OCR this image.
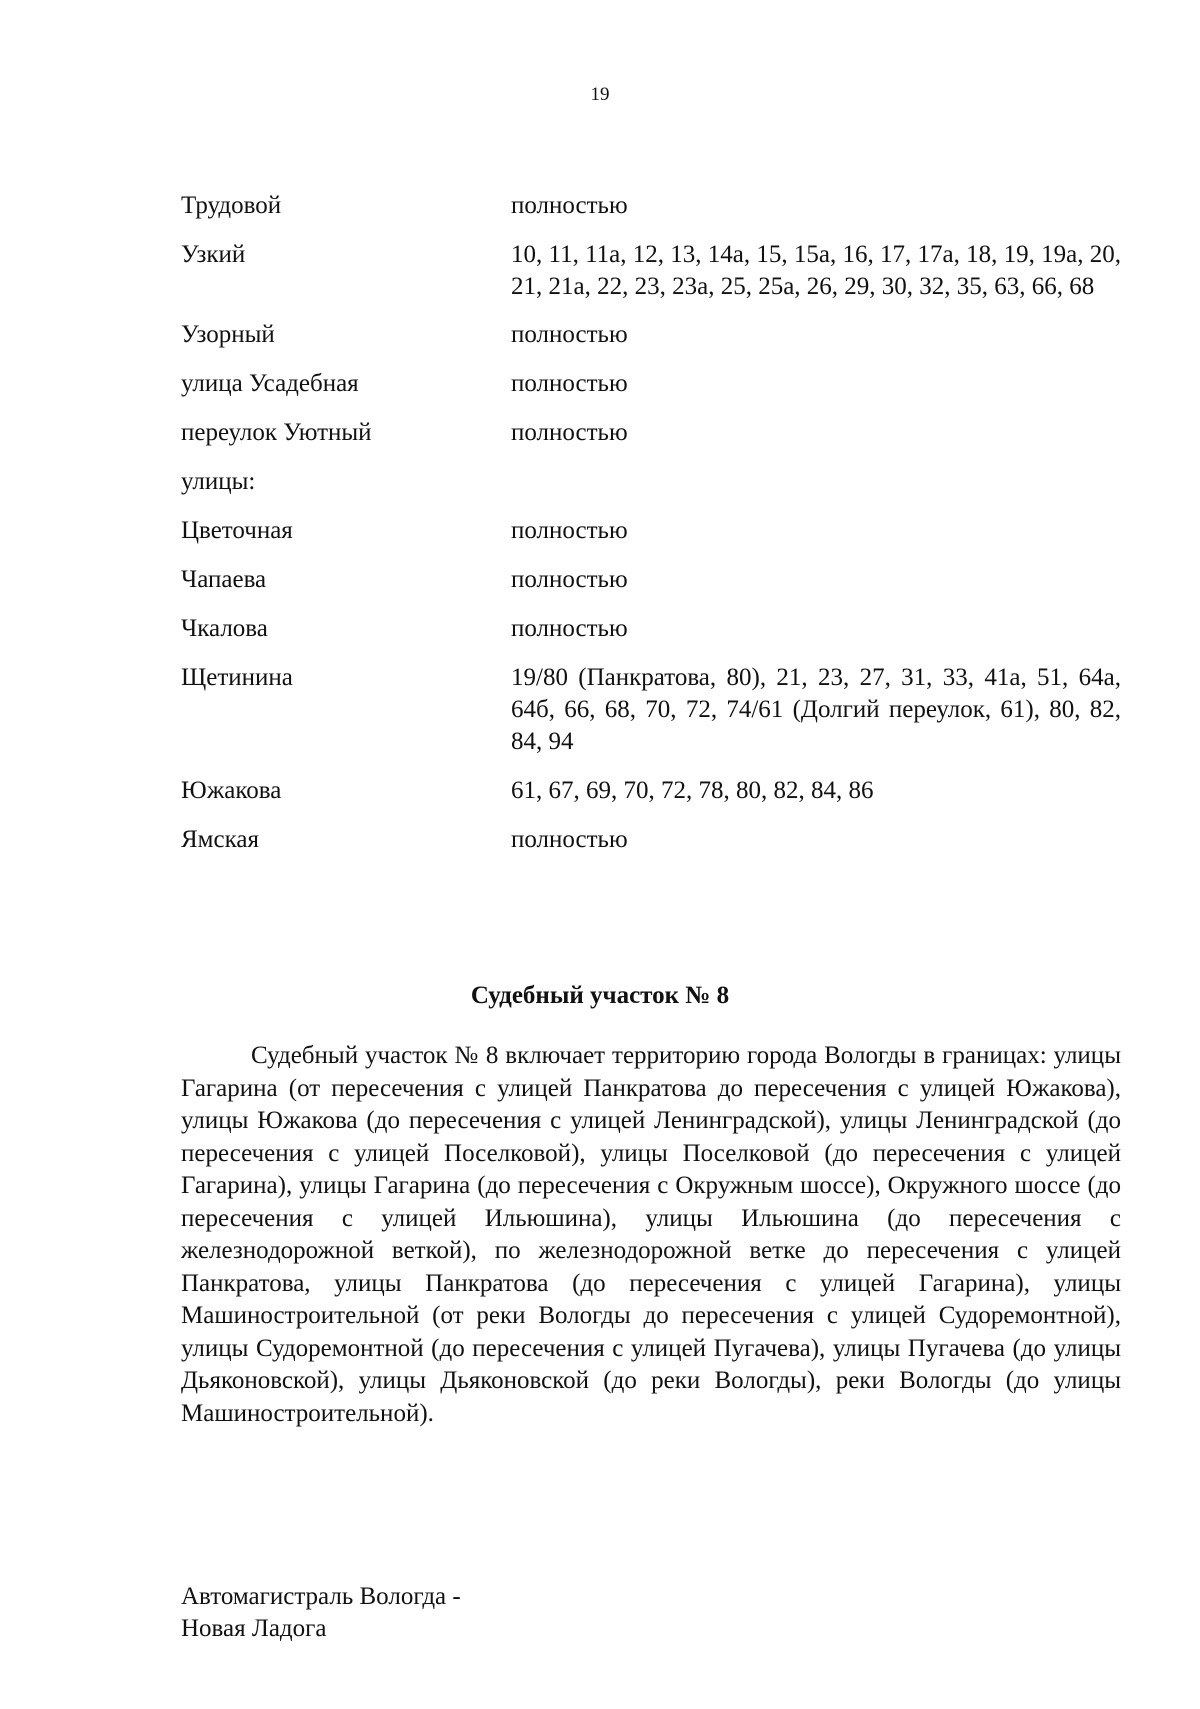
19
Трудовой	полностью
Узкий	10, 11, 11а, 12, 13, 14а, 15, 15а, 16, 17, 17а, 18, 19, 19а, 20, 21, 21а, 22, 23, 23а, 25, 25а, 26, 29, 30, 32, 35, 63, 66, 68
Узорный	полностью
улица Усадебная	полностью
переулок Уютный	полностью
улицы:
Цветочная	полностью
Чапаева	полностью
Чкалова	полностью
Щетинина	19/80 (Панкратова, 80), 21, 23, 27, 31, 33, 41а, 51, 64а, 64б, 66, 68, 70, 72, 74/61 (Долгий переулок, 61), 80, 82, 84, 94
Южакова	61, 67, 69, 70, 72, 78, 80, 82, 84, 86
Ямская	полностью
Судебный участок № 8

Судебный участок № 8 включает территорию города Вологды в границах: улицы Гагарина (от пересечения с улицей Панкратова до пересечения с улицей Южакова), улицы Южакова (до пересечения с улицей Ленинградской), улицы Ленинградской (до пересечения с улицей Поселковой), улицы Поселковой (до пересечения с улицей Гагарина), улицы Гагарина (до пересечения с Окружным шоссе), Окружного шоссе (до пересечения с улицей Ильюшина), улицы Ильюшина (до пересечения с железнодорожной веткой), по железнодорожной ветке до пересечения с улицей Панкратова, улицы Панкратова (до пересечения с улицей Гагарина), улицы Машиностроительной (от реки Вологды до пересечения с улицей Судоремонтной), улицы Судоремонтной (до пересечения с улицей Пугачева), улицы Пугачева (до улицы Дьяконовской), улицы Дьяконовской (до реки Вологды), реки Вологды (до улицы Машиностроительной).

Автомагистраль Вологда -
Новая Ладога
